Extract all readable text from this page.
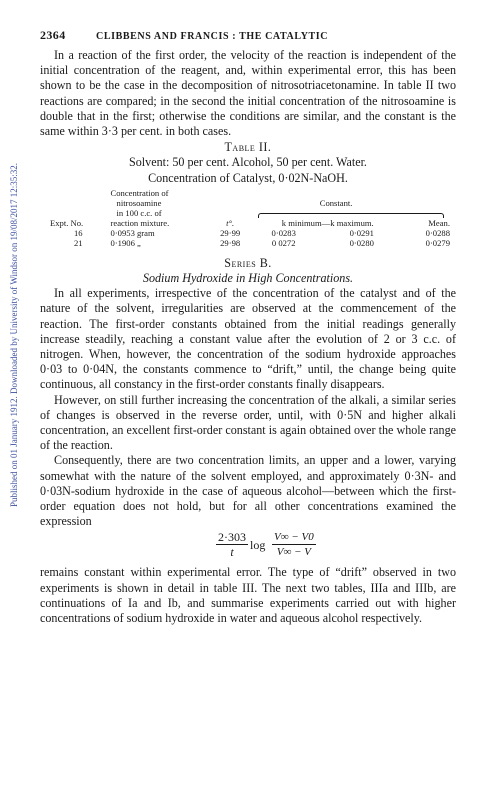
Published on 01 January 1912. Downloaded by University of Windsor on 19/08/2017 12:35:32.
2364	CLIBBENS AND FRANCIS : THE CATALYTIC

In a reaction of the first order, the velocity of the reaction is independent of the initial concentration of the reagent, and, within experimental error, this has been shown to be the case in the decomposition of nitrosotriacetonamine. In table II two reactions are compared; in the second the initial concentration of the nitrosoamine is double that in the first; otherwise the conditions are similar, and the constant is the same within 3·3 per cent. in both cases.

Table II.
Solvent: 50 per cent. Alcohol, 50 per cent. Water.
Concentration of Catalyst, 0·02N-NaOH.
	Concentration of				
	nitrosoamine			Constant.	
	in 100 c.c. of				

Expt. No.	reaction mixture.	t°.	k minimum—k maximum.		Mean.
16	0·0953 gram	29·99	0·0283	0·0291	0·0288
21	0·1906 „	29·98	0 0272	0·0280	0·0279
Series B.
Sodium Hydroxide in High Concentrations.

In all experiments, irrespective of the concentration of the catalyst and of the nature of the solvent, irregularities are observed at the commencement of the reaction. The first-order constants obtained from the initial readings generally increase steadily, reaching a constant value after the evolution of 2 or 3 c.c. of nitrogen. When, however, the concentration of the sodium hydroxide approaches 0·03 to 0·04N, the constants commence to “drift,” until, the change being quite continuous, all constancy in the first-order constants finally disappears.

However, on still further increasing the concentration of the alkali, a similar series of changes is observed in the reverse order, until, with 0·5N and higher alkali concentration, an excellent first-order constant is again obtained over the whole range of the reaction.

Consequently, there are two concentration limits, an upper and a lower, varying somewhat with the nature of the solvent employed, and approximately 0·3N- and 0·03N-sodium hydroxide in the case of aqueous alcohol—between which the first-order equation does not hold, but for all other concentrations examined the expression

$\frac{2\cdot 303}{t}$ $\log \frac{V\infty - V0}{V\infty - V}$

remains constant within experimental error. The type of “drift” observed in two experiments is shown in detail in table III. The next two tables, IIIa and IIIb, are continuations of Ia and Ib, and summarise experiments carried out with higher concentrations of sodium hydroxide in water and aqueous alcohol respectively.
